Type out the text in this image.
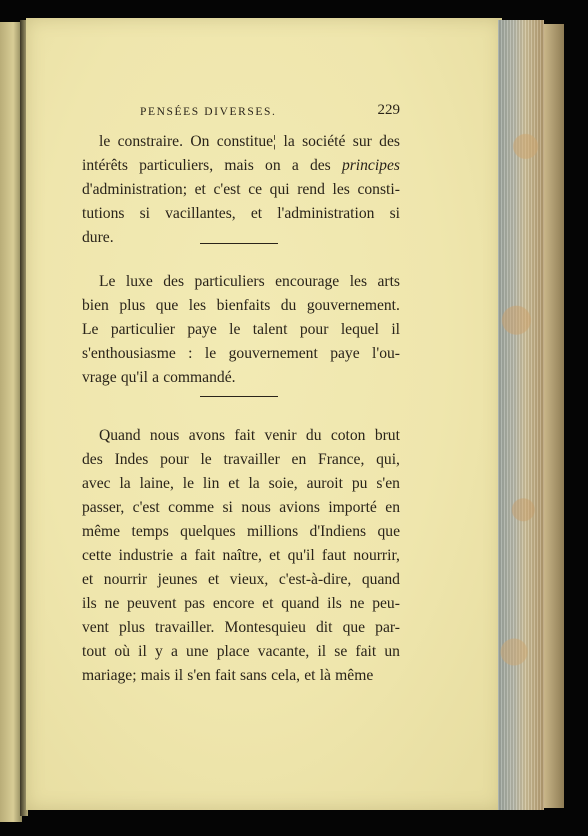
PENSÉES DIVERSES.	229
le constraire. On constitue¦ la société sur des
intérêts particuliers, mais on a des principes
d'administration; et c'est ce qui rend les consti-
tutions si vacillantes, et l'administration si
dure.
Le luxe des particuliers encourage les arts
bien plus que les bienfaits du gouvernement.
Le particulier paye le talent pour lequel il
s'enthousiasme : le gouvernement paye l'ou-
vrage qu'il a commandé.
Quand nous avons fait venir du coton brut
des Indes pour le travailler en France, qui,
avec la laine, le lin et la soie, auroit pu s'en
passer, c'est comme si nous avions importé en
même temps quelques millions d'Indiens que
cette industrie a fait naître, et qu'il faut nourrir,
et nourrir jeunes et vieux, c'est-à-dire, quand
ils ne peuvent pas encore et quand ils ne peu-
vent plus travailler. Montesquieu dit que par-
tout où il y a une place vacante, il se fait un
mariage; mais il s'en fait sans cela, et là même
